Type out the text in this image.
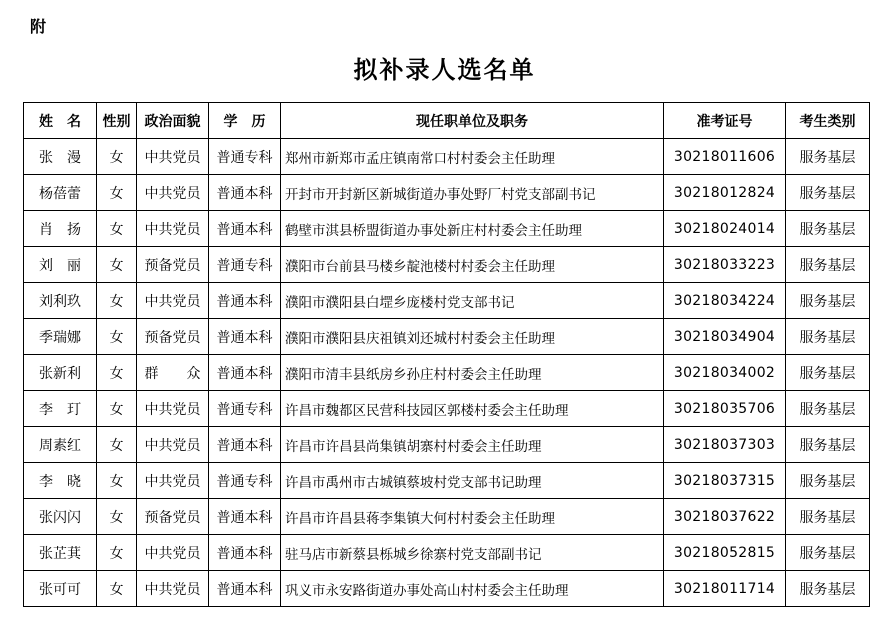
附
拟补录人选名单
姓　名	性别	政治面貌	学　历	现任职单位及职务	准考证号	考生类别
张　漫	女	中共党员	普通专科	郑州市新郑市孟庄镇南常口村村委会主任助理	30218011606	服务基层
杨蓓蕾	女	中共党员	普通本科	开封市开封新区新城街道办事处野厂村党支部副书记	30218012824	服务基层
肖　扬	女	中共党员	普通本科	鹤壁市淇县桥盟街道办事处新庄村村委会主任助理	30218024014	服务基层
刘　丽	女	预备党员	普通专科	濮阳市台前县马楼乡靛池楼村村委会主任助理	30218033223	服务基层
刘利玖	女	中共党员	普通本科	濮阳市濮阳县白堽乡庞楼村党支部书记	30218034224	服务基层
季瑞娜	女	预备党员	普通本科	濮阳市濮阳县庆祖镇刘还城村村委会主任助理	30218034904	服务基层
张新利	女	群　　众	普通本科	濮阳市清丰县纸房乡孙庄村村委会主任助理	30218034002	服务基层
李　玎	女	中共党员	普通专科	许昌市魏都区民营科技园区郭楼村委会主任助理	30218035706	服务基层
周素红	女	中共党员	普通本科	许昌市许昌县尚集镇胡寨村村委会主任助理	30218037303	服务基层
李　晓	女	中共党员	普通专科	许昌市禹州市古城镇蔡坡村党支部书记助理	30218037315	服务基层
张闪闪	女	预备党员	普通本科	许昌市许昌县蒋李集镇大何村村委会主任助理	30218037622	服务基层
张芷萁	女	中共党员	普通本科	驻马店市新蔡县栎城乡徐寨村党支部副书记	30218052815	服务基层
张可可	女	中共党员	普通本科	巩义市永安路街道办事处高山村村委会主任助理	30218011714	服务基层
